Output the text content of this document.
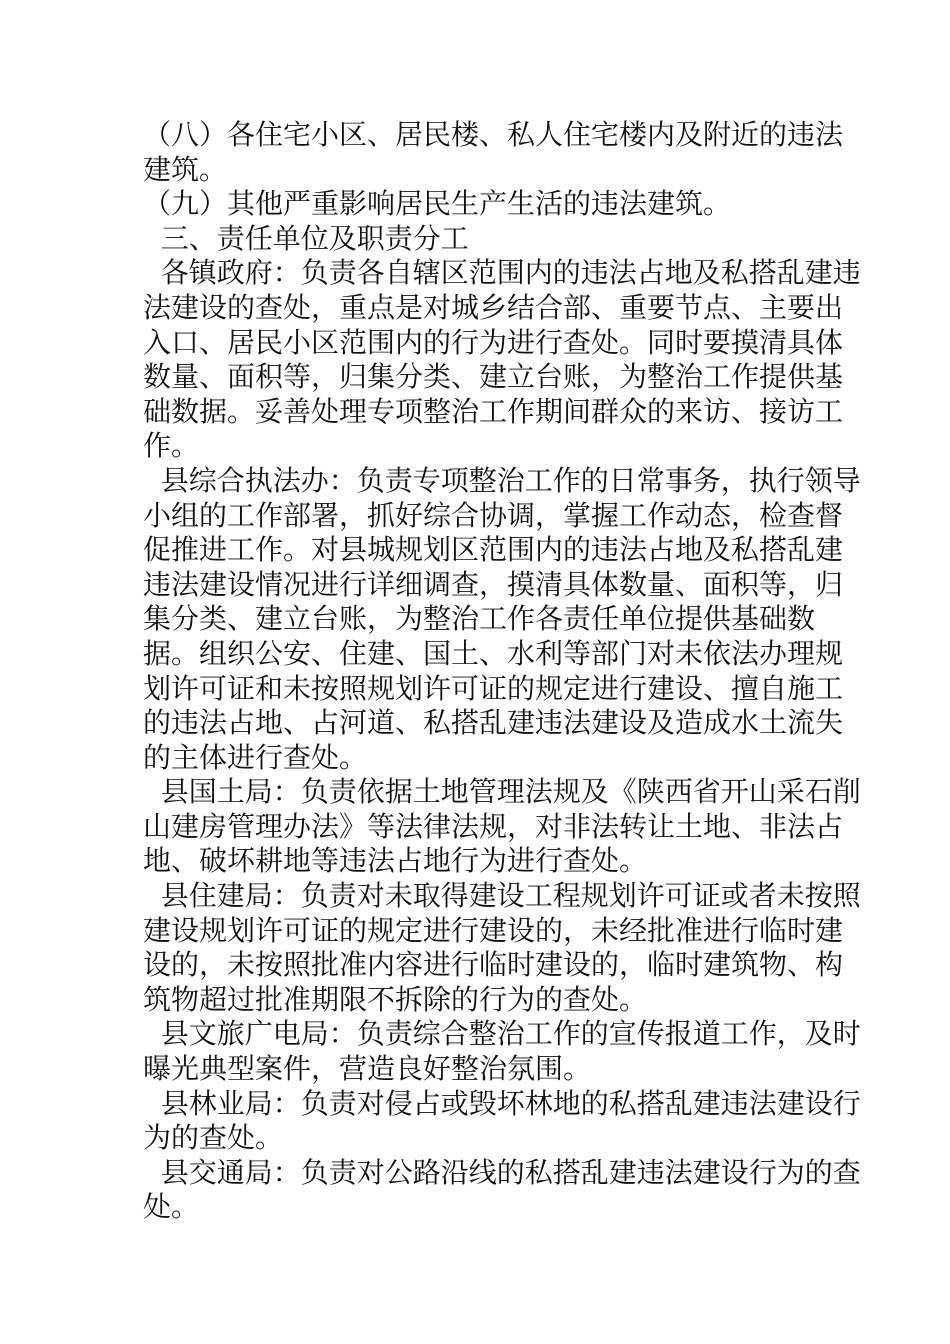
（八）各住宅小区、居民楼、私人住宅楼内及附近的违法
建筑。
（九）其他严重影响居民生产生活的违法建筑。
三、责任单位及职责分工
各镇政府：负责各自辖区范围内的违法占地及私搭乱建违
法建设的查处，重点是对城乡结合部、重要节点、主要出
入口、居民小区范围内的行为进行查处。同时要摸清具体
数量、面积等，归集分类、建立台账，为整治工作提供基
础数据。妥善处理专项整治工作期间群众的来访、接访工
作。
县综合执法办：负责专项整治工作的日常事务，执行领导
小组的工作部署，抓好综合协调，掌握工作动态，检查督
促推进工作。对县城规划区范围内的违法占地及私搭乱建
违法建设情况进行详细调查，摸清具体数量、面积等，归
集分类、建立台账，为整治工作各责任单位提供基础数
据。组织公安、住建、国土、水利等部门对未依法办理规
划许可证和未按照规划许可证的规定进行建设、擅自施工
的违法占地、占河道、私搭乱建违法建设及造成水土流失
的主体进行查处。
县国土局：负责依据土地管理法规及《陕西省开山采石削
山建房管理办法》等法律法规，对非法转让土地、非法占
地、破坏耕地等违法占地行为进行查处。
县住建局：负责对未取得建设工程规划许可证或者未按照
建设规划许可证的规定进行建设的，未经批准进行临时建
设的，未按照批准内容进行临时建设的，临时建筑物、构
筑物超过批准期限不拆除的行为的查处。
县文旅广电局：负责综合整治工作的宣传报道工作，及时
曝光典型案件，营造良好整治氛围。
县林业局：负责对侵占或毁坏林地的私搭乱建违法建设行
为的查处。
县交通局：负责对公路沿线的私搭乱建违法建设行为的查
处。
